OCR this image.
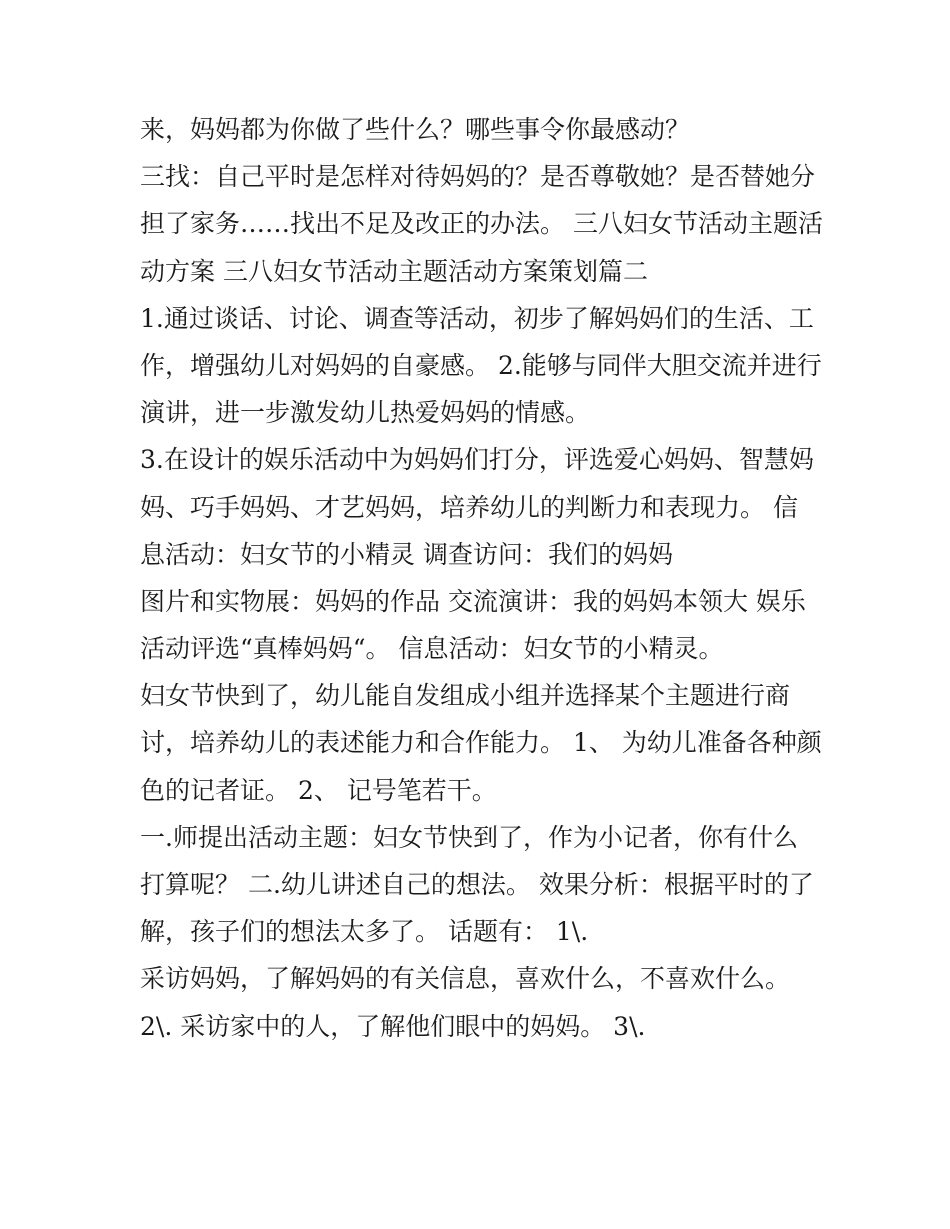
来，妈妈都为你做了些什么？哪些事令你最感动？
三找：自己平时是怎样对待妈妈的？是否尊敬她？是否替她分
担了家务……找出不足及改正的办法。 三八妇女节活动主题活
动方案 三八妇女节活动主题活动方案策划篇二
1.通过谈话、讨论、调查等活动，初步了解妈妈们的生活、工
作，增强幼儿对妈妈的自豪感。 2.能够与同伴大胆交流并进行
演讲，进一步激发幼儿热爱妈妈的情感。
3.在设计的娱乐活动中为妈妈们打分，评选爱心妈妈、智慧妈
妈、巧手妈妈、才艺妈妈，培养幼儿的判断力和表现力。 信
息活动：妇女节的小精灵 调查访问：我们的妈妈
图片和实物展：妈妈的作品 交流演讲：我的妈妈本领大 娱乐
活动评选“真棒妈妈“。 信息活动：妇女节的小精灵。
妇女节快到了，幼儿能自发组成小组并选择某个主题进行商
讨，培养幼儿的表述能力和合作能力。 1、 为幼儿准备各种颜
色的记者证。 2、 记号笔若干。
一.师提出活动主题：妇女节快到了，作为小记者，你有什么
打算呢？ 二.幼儿讲述自己的想法。 效果分析：根据平时的了
解，孩子们的想法太多了。 话题有： 1\.
采访妈妈，了解妈妈的有关信息，喜欢什么，不喜欢什么。
2\. 采访家中的人，了解他们眼中的妈妈。 3\.
